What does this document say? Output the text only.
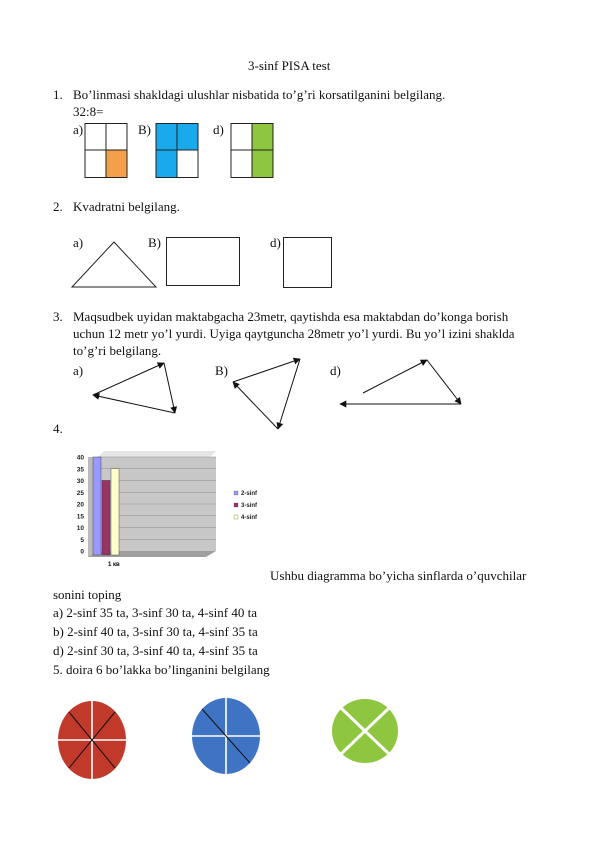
3-sinf PISA test
1. Bo’linmasi shakldagi ulushlar nisbatida to’g’ri korsatilganini belgilang.
32:8=
a)	B)	d)
2. Kvadratni belgilang.
a)	B)	d)
3. Maqsudbek uyidan maktabgacha 23metr, qaytishda esa maktabdan do’konga borish
uchun 12 metr yo’l yurdi. Uyiga qaytguncha 28metr yo’l yurdi. Bu yo’l izini shaklda
to’g’ri belgilang.
a)	B)	d)
4.
0
5
10
15
20
25
30
35
40
1 кв
2-sinf
3-sinf
4-sinf
Ushbu diagramma bo’yicha sinflarda o’quvchilar
sonini toping
a) 2-sinf 35 ta, 3-sinf 30 ta, 4-sinf 40 ta
b) 2-sinf 40 ta, 3-sinf 30 ta, 4-sinf 35 ta
d) 2-sinf 30 ta, 3-sinf 40 ta, 4-sinf 35 ta
5. doira 6 bo’lakka bo’linganini belgilang
